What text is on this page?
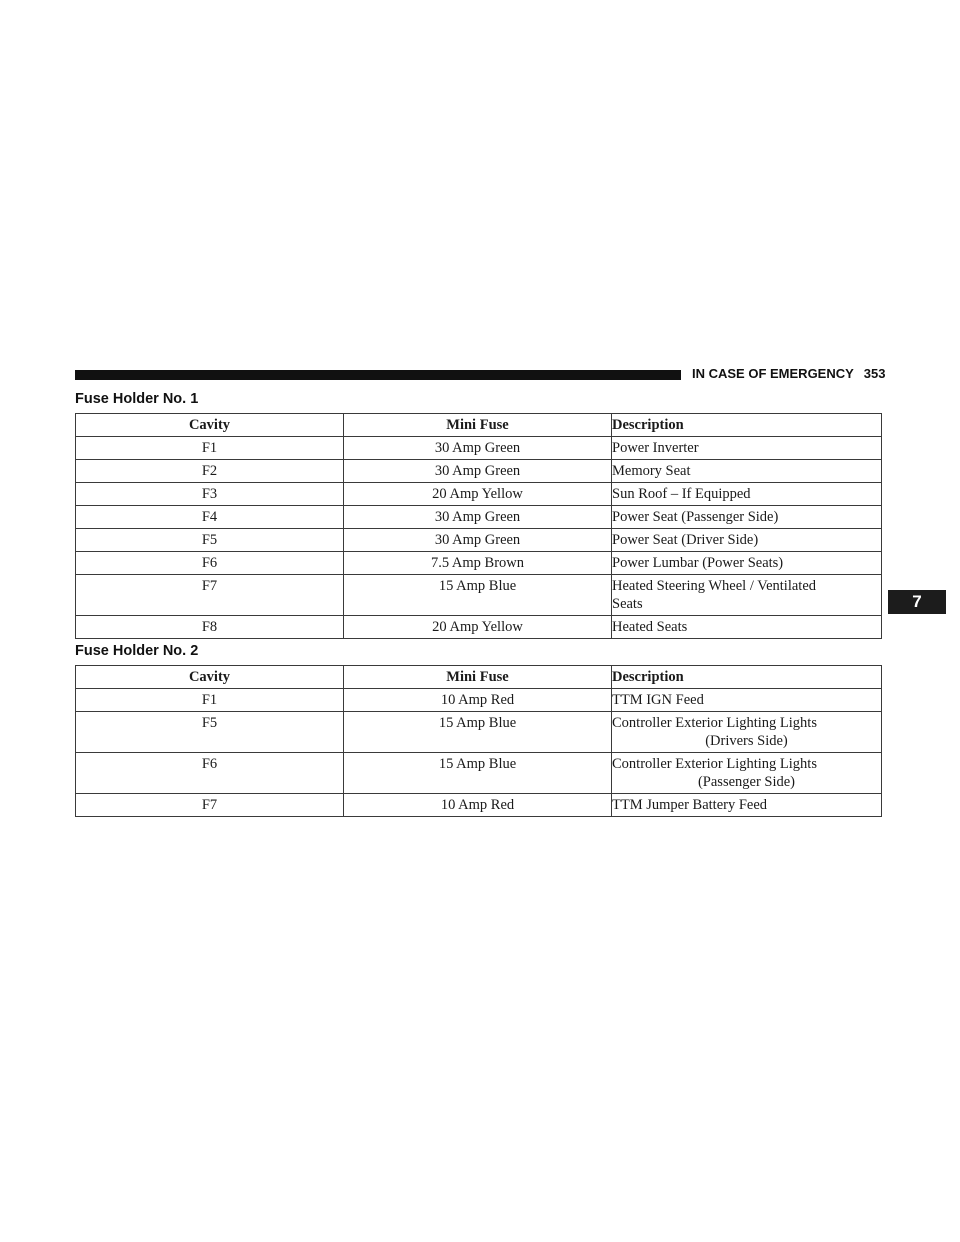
IN CASE OF EMERGENCY 353
7
Fuse Holder No. 1
Cavity	Mini Fuse	Description
F1	30 Amp Green	Power Inverter

F2	30 Amp Green	Memory Seat

F3	20 Amp Yellow	Sun Roof – If Equipped

F4	30 Amp Green	Power Seat (Passenger Side)

F5	30 Amp Green	Power Seat (Driver Side)

F6	7.5 Amp Brown	Power Lumbar (Power Seats)

F7	15 Amp Blue	Heated Steering Wheel / Ventilated
Seats

F8	20 Amp Yellow	Heated Seats
Fuse Holder No. 2
Cavity	Mini Fuse	Description
F1	10 Amp Red	TTM IGN Feed

F5	15 Amp Blue	Controller Exterior Lighting Lights
(Drivers Side)

F6	15 Amp Blue	Controller Exterior Lighting Lights
(Passenger Side)

F7	10 Amp Red	TTM Jumper Battery Feed
